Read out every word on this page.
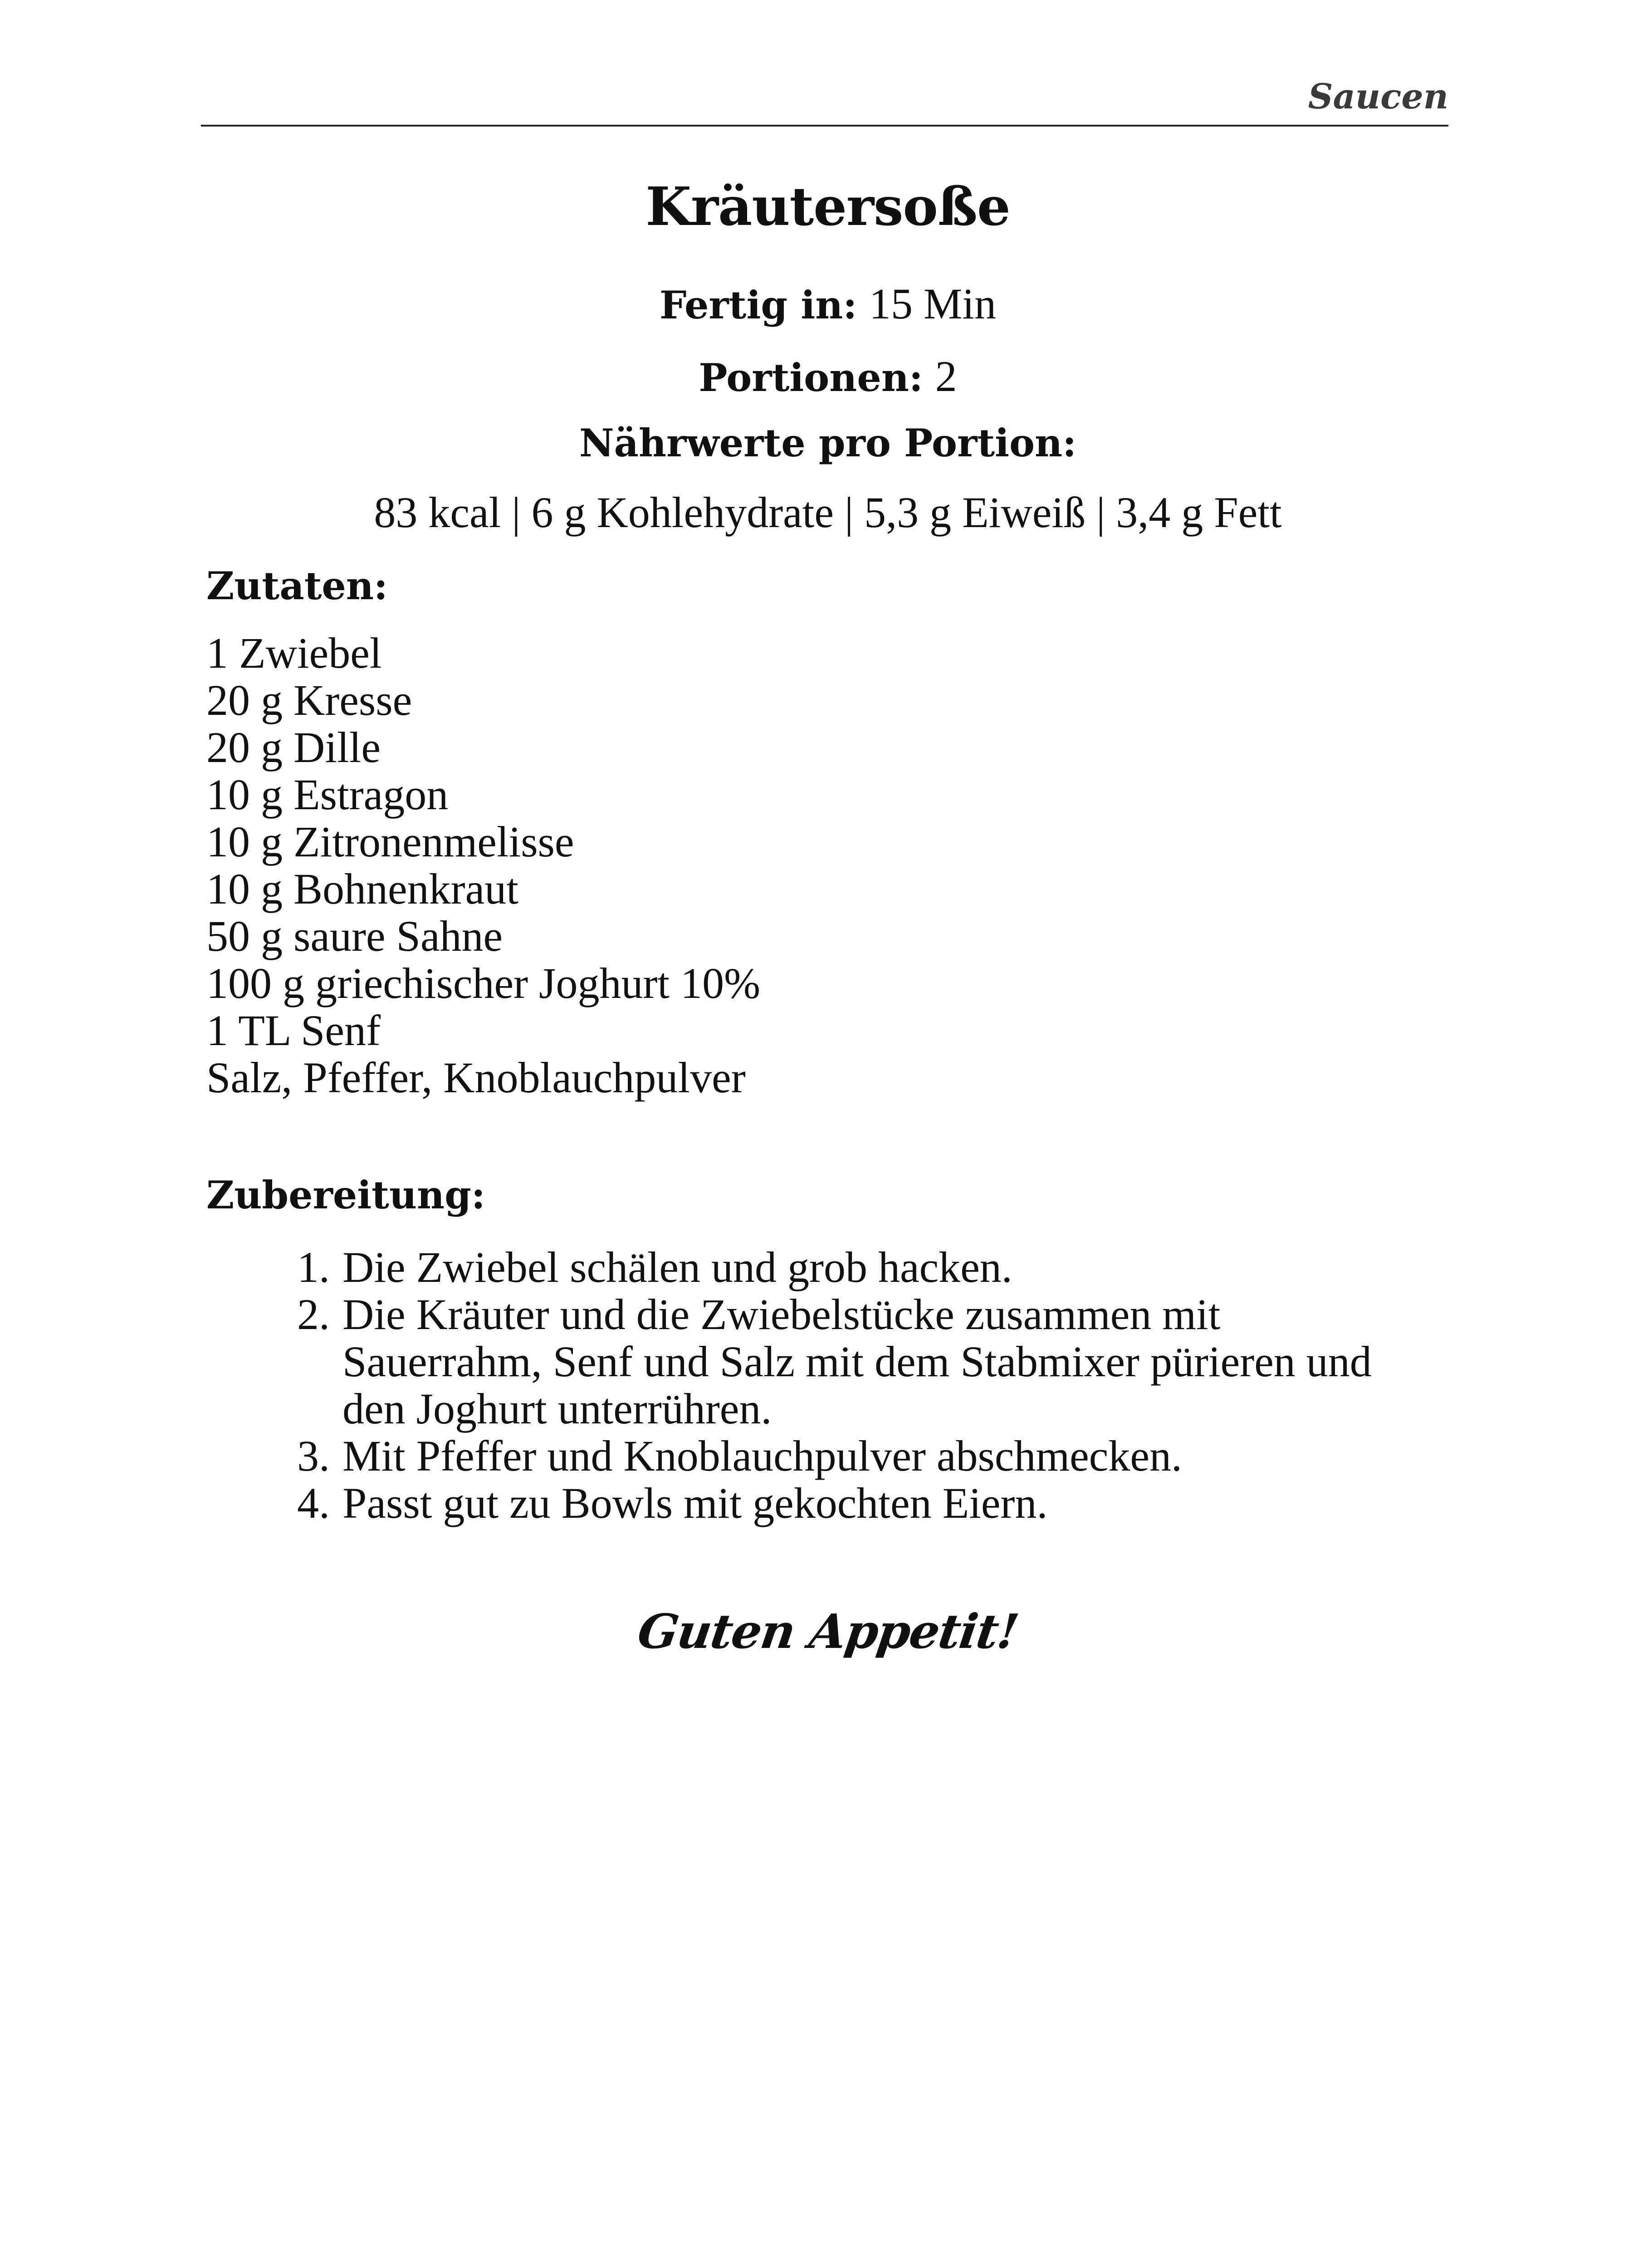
Saucen
Kräutersoße
Fertig in: 15 Min
Portionen: 2
Nährwerte pro Portion:
83 kcal | 6 g Kohlehydrate | 5,3 g Eiweiß | 3,4 g Fett
Zutaten:
1 Zwiebel
20 g Kresse
20 g Dille
10 g Estragon
10 g Zitronenmelisse
10 g Bohnenkraut
50 g saure Sahne
100 g griechischer Joghurt 10%
1 TL Senf
Salz, Pfeffer, Knoblauchpulver
Zubereitung:
1. Die Zwiebel schälen und grob hacken.
2. Die Kräuter und die Zwiebelstücke zusammen mit
Sauerrahm, Senf und Salz mit dem Stabmixer pürieren und
den Joghurt unterrühren.
3. Mit Pfeffer und Knoblauchpulver abschmecken.
4. Passt gut zu Bowls mit gekochten Eiern.
Guten Appetit!
